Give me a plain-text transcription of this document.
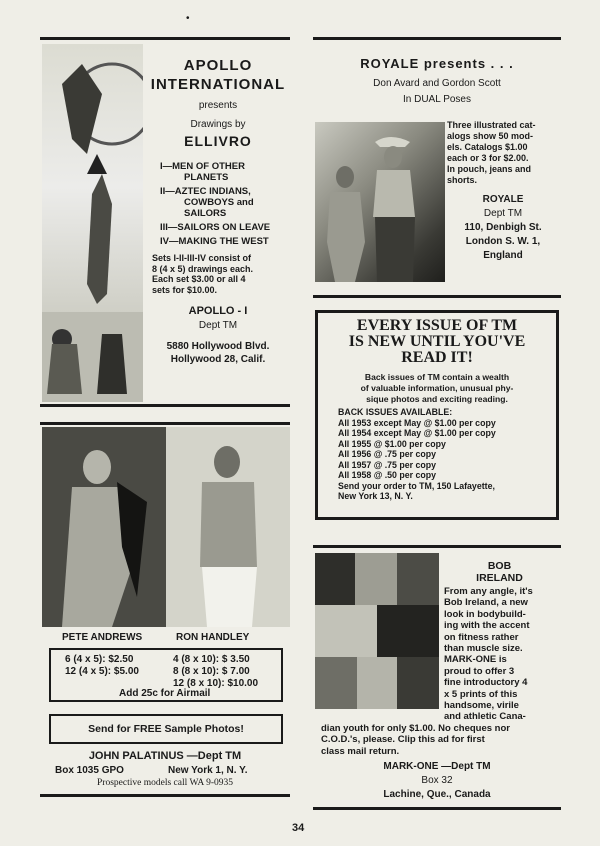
•
APOLLO
INTERNATIONAL
presents
Drawings by
ELLIVRO
I—MEN OF OTHER
PLANETS
II—AZTEC INDIANS,
COWBOYS and
SAILORS
III—SAILORS ON LEAVE
IV—MAKING THE WEST
Sets I-II-III-IV consist of
8 (4 x 5) drawings each.
Each set $3.00 or all 4
sets for $10.00.
APOLLO - I
Dept TM
5880 Hollywood Blvd.
Hollywood 28, Calif.
ROYALE presents . . .
Don Avard and Gordon Scott
In DUAL Poses
Three illustrated cat-
alogs show 50 mod-
els. Catalogs $1.00
each or 3 for $2.00.
In pouch, jeans and
shorts.
ROYALE
Dept TM
110, Denbigh St.
London S. W. 1,
England
EVERY ISSUE OF TM
IS NEW UNTIL YOU'VE
READ IT!
Back issues of TM contain a wealth
of valuable information, unusual phy-
sique photos and exciting reading.
BACK ISSUES AVAILABLE:
All 1953 except May @ $1.00 per copy
All 1954 except May @ $1.00 per copy
All 1955 @ $1.00 per copy
All 1956 @ .75 per copy
All 1957 @ .75 per copy
All 1958 @ .50 per copy
Send your order to TM, 150 Lafayette,
New York 13, N. Y.
PETE ANDREWS	RON HANDLEY
6 (4 x 5): $2.50
12 (4 x 5): $5.00
4 (8 x 10): $ 3.50
8 (8 x 10): $ 7.00
12 (8 x 10): $10.00
Add 25c for Airmail
Send for FREE Sample Photos!
JOHN PALATINUS —Dept TM
Box 1035 GPO	New York 1, N. Y.
Prospective models call WA 9-0935
BOB
IRELAND
From any angle, it's
Bob Ireland, a new
look in bodybuild-
ing with the accent
on fitness rather
than muscle size.
MARK-ONE is
proud to offer 3
fine introductory 4
x 5 prints of this
handsome, virile
and athletic Cana-
dian youth for only $1.00. No cheques nor
C.O.D.'s, please. Clip this ad for first
class mail return.
MARK-ONE —Dept TM
Box 32
Lachine, Que., Canada
34
